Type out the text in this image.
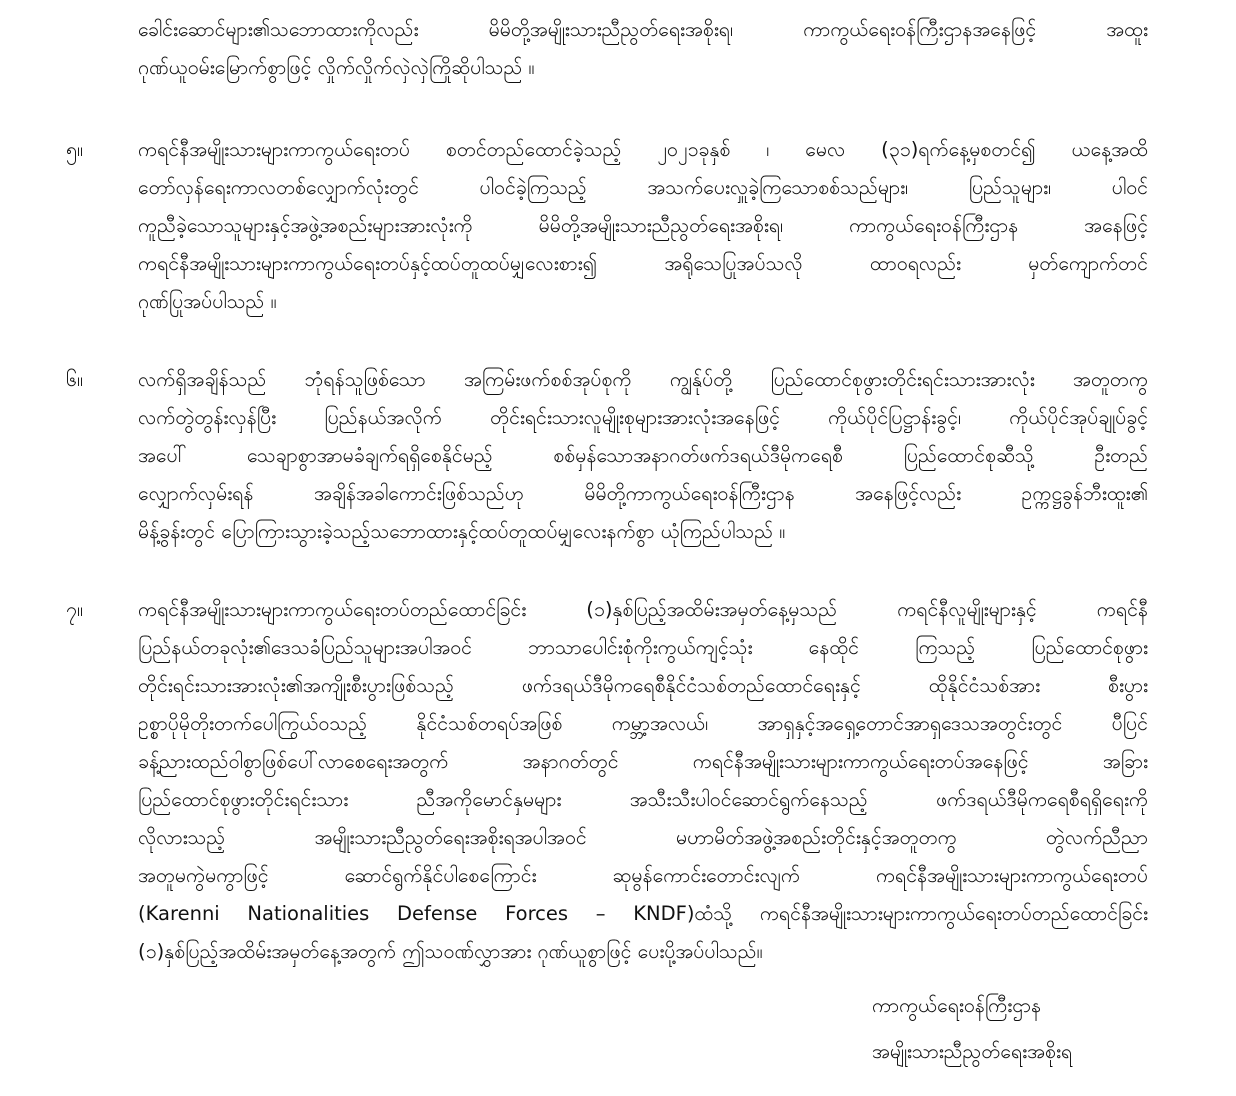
ခေါင်းဆောင်များ၏သဘောထားကိုလည်း မိမိတို့အမျိုးသားညီညွတ်ရေးအစိုးရ၊ ကာကွယ်ရေးဝန်ကြီးဌာနအနေဖြင့် အထူး
ဂုဏ်ယူဝမ်းမြောက်စွာဖြင့် လှိုက်လှိုက်လှဲလှဲကြိုဆိုပါသည် ။
၅။	ကရင်နီအမျိုးသားများကာကွယ်ရေးတပ် စတင်တည်ထောင်ခဲ့သည့် ၂၀၂၁ခုနှစ် ၊ မေလ (၃၁)ရက်နေ့မှစတင်၍ ယနေ့အထိ
တော်လှန်ရေးကာလတစ်လျှောက်လုံးတွင် ပါဝင်ခဲ့ကြသည့် အသက်ပေးလှူခဲ့ကြသောစစ်သည်များ၊ ပြည်သူများ၊ ပါဝင်
ကူညီခဲ့သောသူများနှင့်အဖွဲ့အစည်းများအားလုံးကို မိမိတို့အမျိုးသားညီညွတ်ရေးအစိုးရ၊ ကာကွယ်ရေးဝန်ကြီးဌာန အနေဖြင့်
ကရင်နီအမျိုးသားများကာကွယ်ရေးတပ်နှင့်ထပ်တူထပ်မျှလေးစား၍ အရိုသေပြုအပ်သလို ထာဝရလည်း မှတ်ကျောက်တင်
ဂုဏ်ပြုအပ်ပါသည် ။
၆။	လက်ရှိအချိန်သည် ဘုံရန်သူဖြစ်သော အကြမ်းဖက်စစ်အုပ်စုကို ကျွန်ုပ်တို့ ပြည်ထောင်စုဖွားတိုင်းရင်းသားအားလုံး အတူတကွ
လက်တွဲတွန်းလှန်ပြီး ပြည်နယ်အလိုက် တိုင်းရင်းသားလူမျိုးစုများအားလုံးအနေဖြင့် ကိုယ်ပိုင်ပြဋ္ဌာန်းခွင့်၊ ကိုယ်ပိုင်အုပ်ချုပ်ခွင့်
အပေါ် သေချာစွာအာမခံချက်ရရှိစေနိုင်မည့် စစ်မှန်သောအနာဂတ်ဖက်ဒရယ်ဒီမိုကရေစီ ပြည်ထောင်စုဆီသို့ ဦးတည်
လျှောက်လှမ်းရန် အချိန်အခါကောင်းဖြစ်သည်ဟု မိမိတို့ကာကွယ်ရေးဝန်ကြီးဌာန အနေဖြင့်လည်း ဥက္ကဋ္ဌခွန်ဘီးထူး၏
မိန့်ခွန်းတွင် ပြောကြားသွားခဲ့သည့်သဘောထားနှင့်ထပ်တူထပ်မျှလေးနက်စွာ ယုံကြည်ပါသည် ။
၇။	ကရင်နီအမျိုးသားများကာကွယ်ရေးတပ်တည်ထောင်ခြင်း (၁)နှစ်ပြည့်အထိမ်းအမှတ်နေ့မှသည် ကရင်နီလူမျိုးများနှင့် ကရင်နီ
ပြည်နယ်တခုလုံး၏ဒေသခံပြည်သူများအပါအဝင် ဘာသာပေါင်းစုံကိုးကွယ်ကျင့်သုံး နေထိုင် ကြသည့် ပြည်ထောင်စုဖွား
တိုင်းရင်းသားအားလုံး၏အကျိုးစီးပွားဖြစ်သည့် ဖက်ဒရယ်ဒီမိုကရေစီနိုင်ငံသစ်တည်ထောင်ရေးနှင့် ထိုနိုင်ငံသစ်အား စီးပွား
ဥစ္စာပိုမိုတိုးတက်ပေါကြွယ်ဝသည့် နိုင်ငံသစ်တရပ်အဖြစ် ကမ္ဘာ့အလယ်၊ အာရှနှင့်အရှေ့တောင်အာရှဒေသအတွင်းတွင် ပီပြင်
ခန့်ညားထည်ဝါစွာဖြစ်ပေါ်လာစေရေးအတွက် အနာဂတ်တွင် ကရင်နီအမျိုးသားများကာကွယ်ရေးတပ်အနေဖြင့် အခြား
ပြည်ထောင်စုဖွားတိုင်းရင်းသား ညီအကိုမောင်နှမများ အသီးသီးပါဝင်ဆောင်ရွက်နေသည့် ဖက်ဒရယ်ဒီမိုကရေစီရရှိရေးကို
လိုလားသည့် အမျိုးသားညီညွတ်ရေးအစိုးရအပါအဝင် မဟာမိတ်အဖွဲ့အစည်းတိုင်းနှင့်အတူတကွ တွဲလက်ညီညာ
အတူမကွဲမကွာဖြင့် ဆောင်ရွက်နိုင်ပါစေကြောင်း ဆုမွန်ကောင်းတောင်းလျက် ကရင်နီအမျိုးသားများကာကွယ်ရေးတပ်
(Karenni Nationalities Defense Forces – KNDF)ထံသို့ ကရင်နီအမျိုးသားများကာကွယ်ရေးတပ်တည်ထောင်ခြင်း
(၁)နှစ်ပြည့်အထိမ်းအမှတ်နေ့အတွက် ဤသဝဏ်လွှာအား ဂုဏ်ယူစွာဖြင့် ပေးပို့အပ်ပါသည်။
ကာကွယ်ရေးဝန်ကြီးဌာန
အမျိုးသားညီညွတ်ရေးအစိုးရ
